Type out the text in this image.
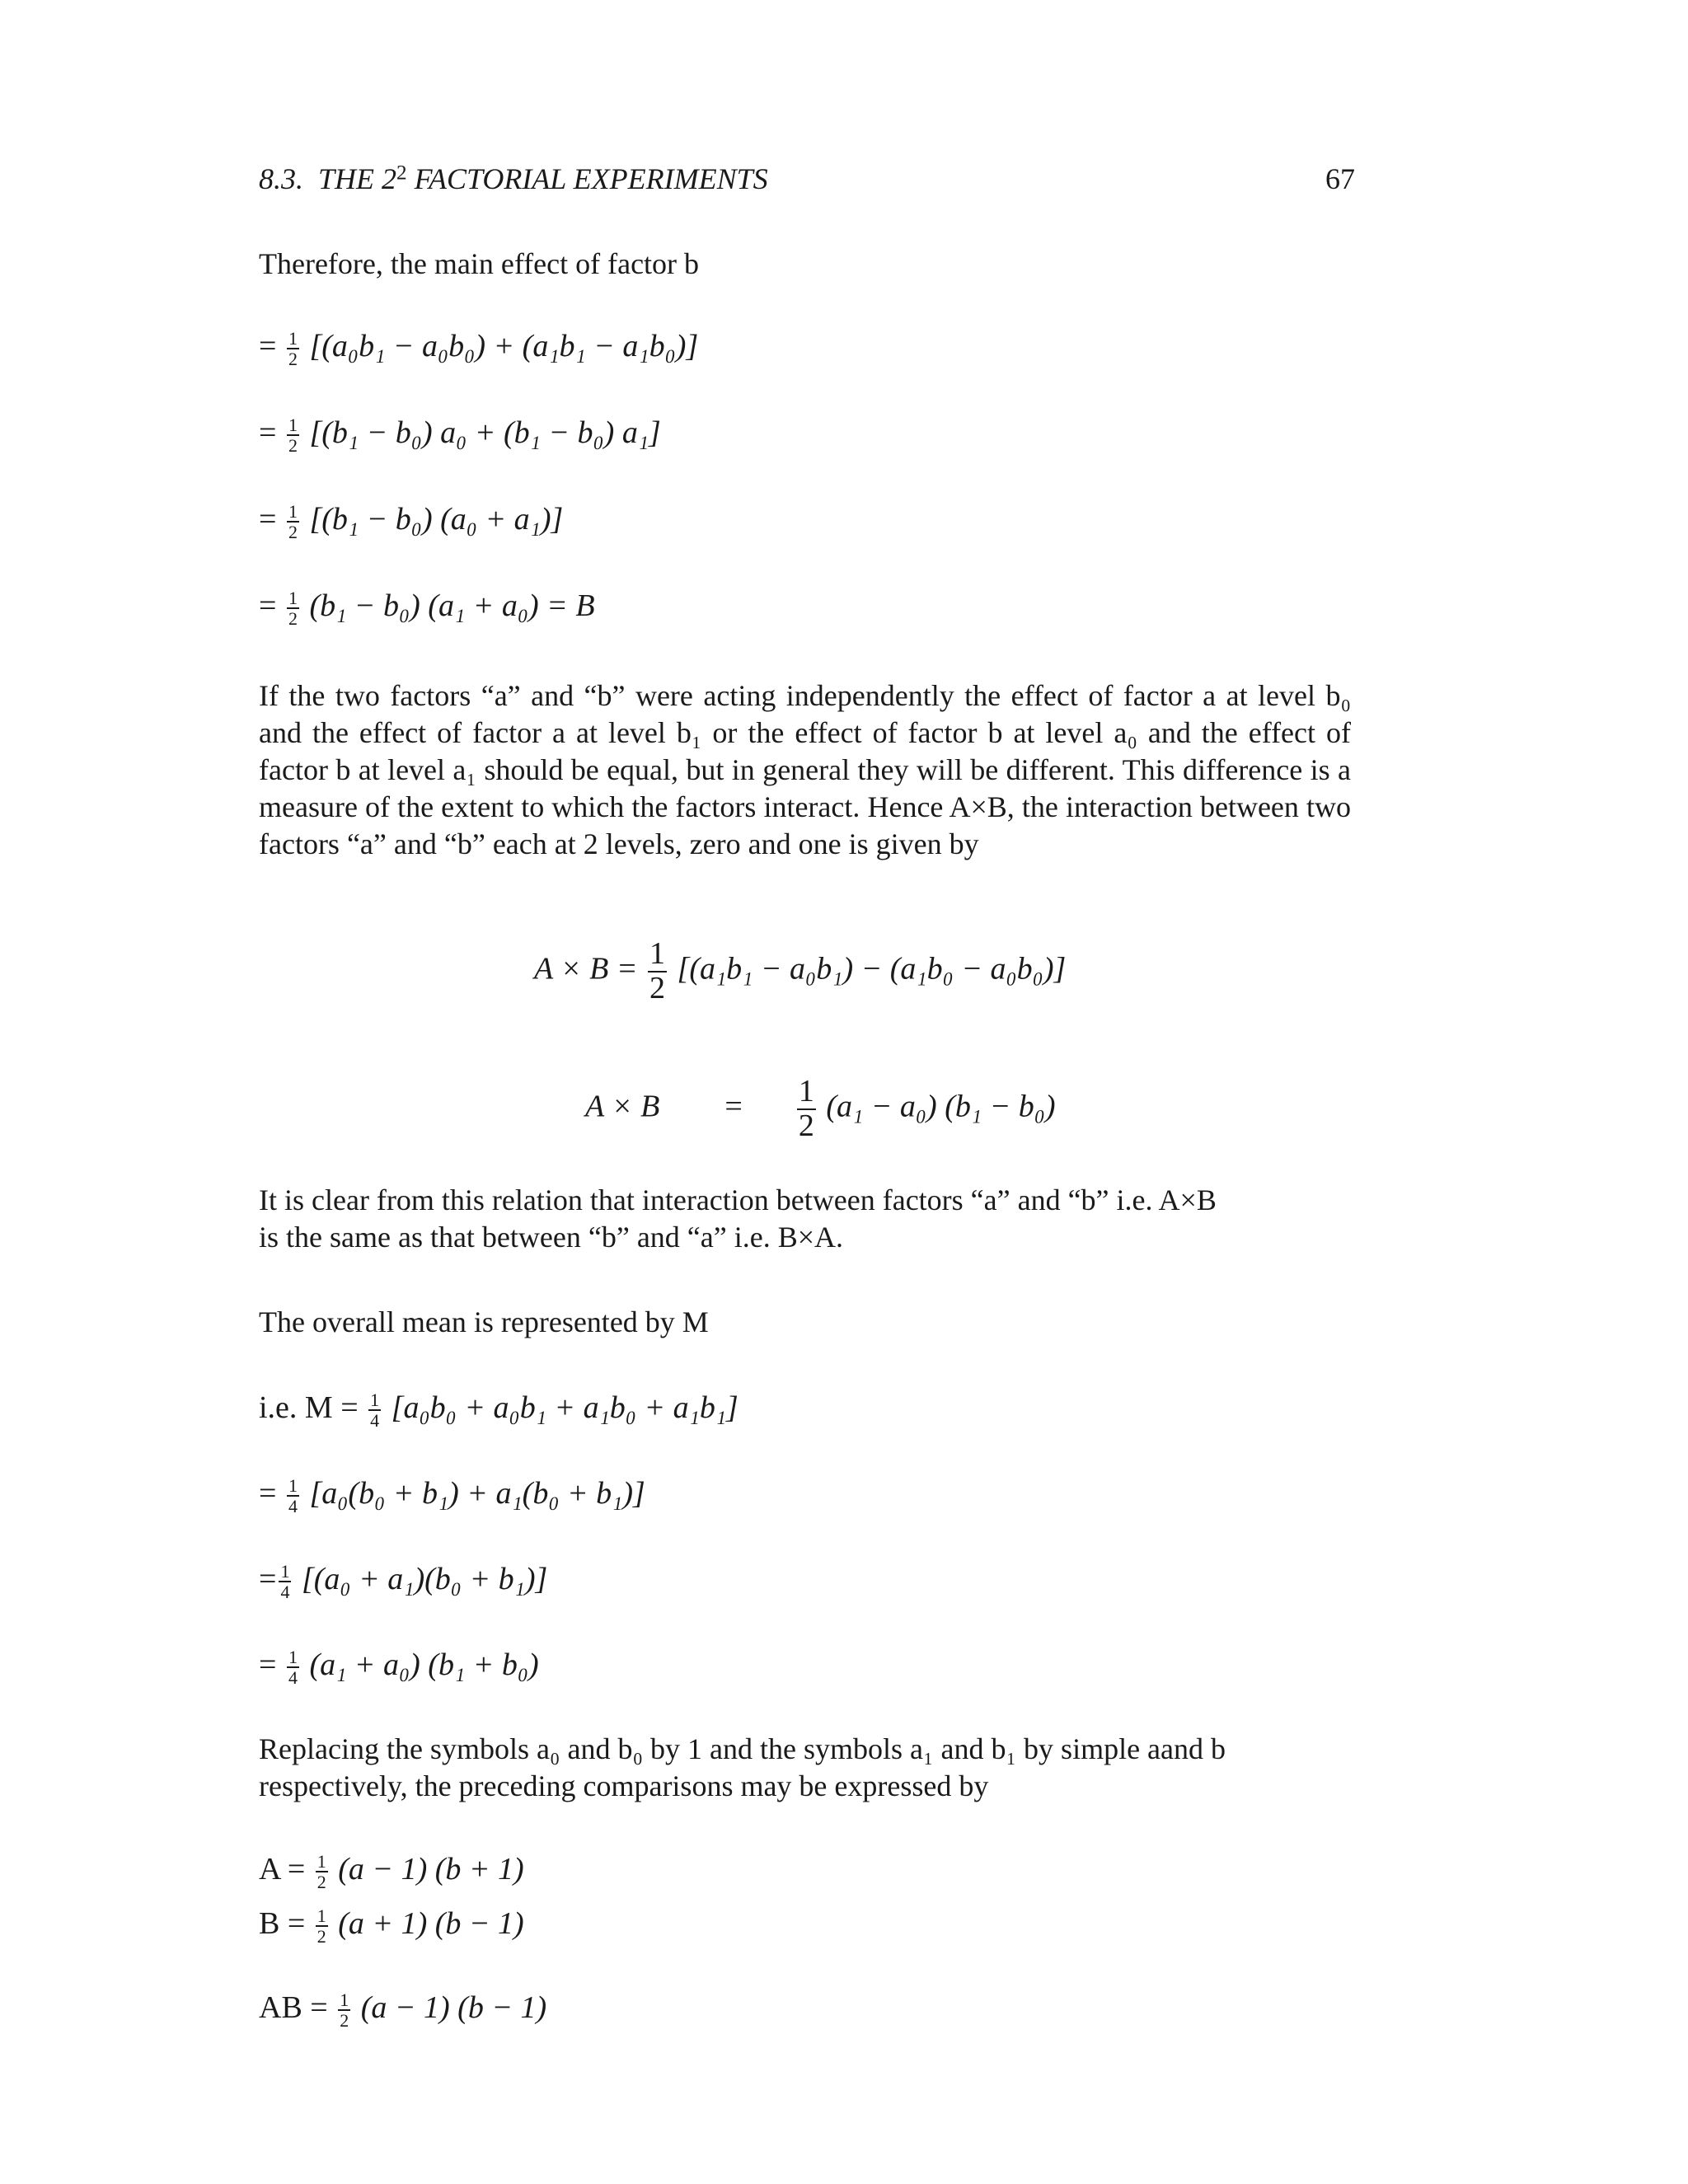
8.3. THE $2^2$ FACTORIAL EXPERIMENTS	67
Therefore, the main effect of factor b
= $\frac{1}{2} [(a_0b_1 - a_0b_0) + (a_1b_1 - a_1b_0)]$
= $\frac{1}{2} [(b_1 - b_0) a_0 + (b_1 - b_0)$ a₁]
= $\frac{1}{2} [(b_1 - b_0) (a_0 + a_1)]$
= $\frac{1}{2} (b_1 - b_0) (a_1 + a_0) = B$

If the two factors “a” and “b” were acting independently the effect of factor a at level b₀ and the effect of factor a at level b₁ or the effect of factor b at level a₀ and the effect of factor b at level a₁ should be equal, but in general they will be different. This difference is a measure of the extent to which the factors interact. Hence A×B, the interaction between two factors “a” and “b” each at 2 levels, zero and one is given by

$A \times B = \frac{1}{2} [(a_1b_1 - a_0b_1) - (a_1b_0 - a_0b_0)]$
$A \times B = \frac{1}{2} (a_1 - a_0) (b_1 - b_0)$
It is clear from this relation that interaction between factors “a” and “b” i.e. A×B
is the same as that between “b” and “a” i.e. B×A.
The overall mean is represented by M
i.e. $M = \frac{1}{4} [a_0b_0 + a_0b_1 + a_1b_0 + a_1b_1]$
= $\frac{1}{4} [a_0(b_0 + b_1) + a_1(b_0 + b_1)]$
= $\frac{1}{4} [(a_0 + a_1)(b_0 + b_1)]$
= $\frac{1}{4} (a_1 + a_0) (b_1 + b_0)$
Replacing the symbols a₀ and b₀ by 1 and the symbols a₁ and b₁ by simple aand b
respectively, the preceding comparisons may be expressed by
$A = \frac{1}{2} (a - 1) (b + 1)$
$B = \frac{1}{2} (a + 1) (b - 1)$
AB = $\frac{1}{2} (a - 1) (b - 1)$
